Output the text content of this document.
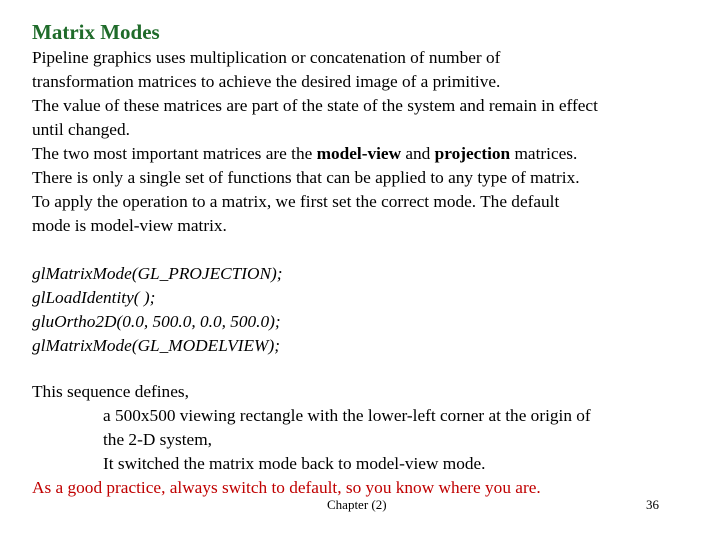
Matrix Modes
Pipeline graphics uses multiplication or concatenation of number of
transformation matrices to achieve the desired image of a primitive.
The value of these matrices are part of the state of the system and remain in effect
until changed.
The two most important matrices are the model-view and projection matrices.
There is only a single set of functions that can be applied to any type of matrix.
To apply the operation to a matrix, we first set the correct mode. The default
mode is model-view matrix.
glMatrixMode(GL_PROJECTION);
glLoadIdentity( );
gluOrtho2D(0.0, 500.0, 0.0, 500.0);
glMatrixMode(GL_MODELVIEW);
This sequence defines,
a 500x500 viewing rectangle with the lower-left corner at the origin of
the 2-D system,
It switched the matrix mode back to model-view mode.
As a good practice, always switch to default, so you know where you are.
Chapter (2)	36
